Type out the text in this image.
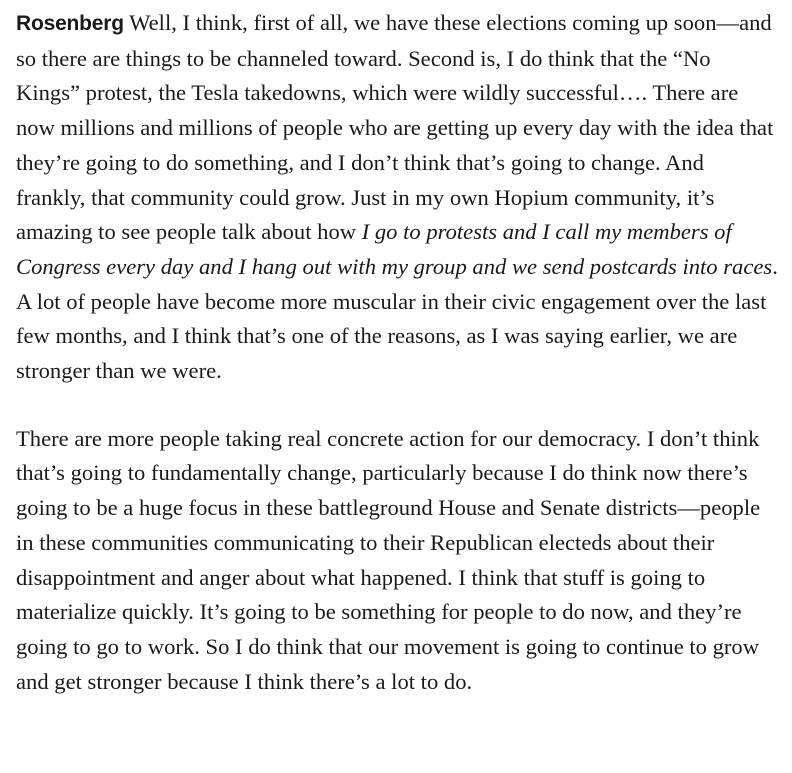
Rosenberg Well, I think, first of all, we have these elections coming up soon—and so there are things to be channeled toward. Second is, I do think that the “No Kings” protest, the Tesla takedowns, which were wildly successful…. There are now millions and millions of people who are getting up every day with the idea that they’re going to do something, and I don’t think that’s going to change. And frankly, that community could grow. Just in my own Hopium community, it’s amazing to see people talk about how I go to protests and I call my members of Congress every day and I hang out with my group and we send postcards into races. A lot of people have become more muscular in their civic engagement over the last few months, and I think that’s one of the reasons, as I was saying earlier, we are stronger than we were.

There are more people taking real concrete action for our democracy. I don’t think that’s going to fundamentally change, particularly because I do think now there’s going to be a huge focus in these battleground House and Senate districts—people in these communities communicating to their Republican electeds about their disappointment and anger about what happened. I think that stuff is going to materialize quickly. It’s going to be something for people to do now, and they’re going to go to work. So I do think that our movement is going to continue to grow and get stronger because I think there’s a lot to do.
